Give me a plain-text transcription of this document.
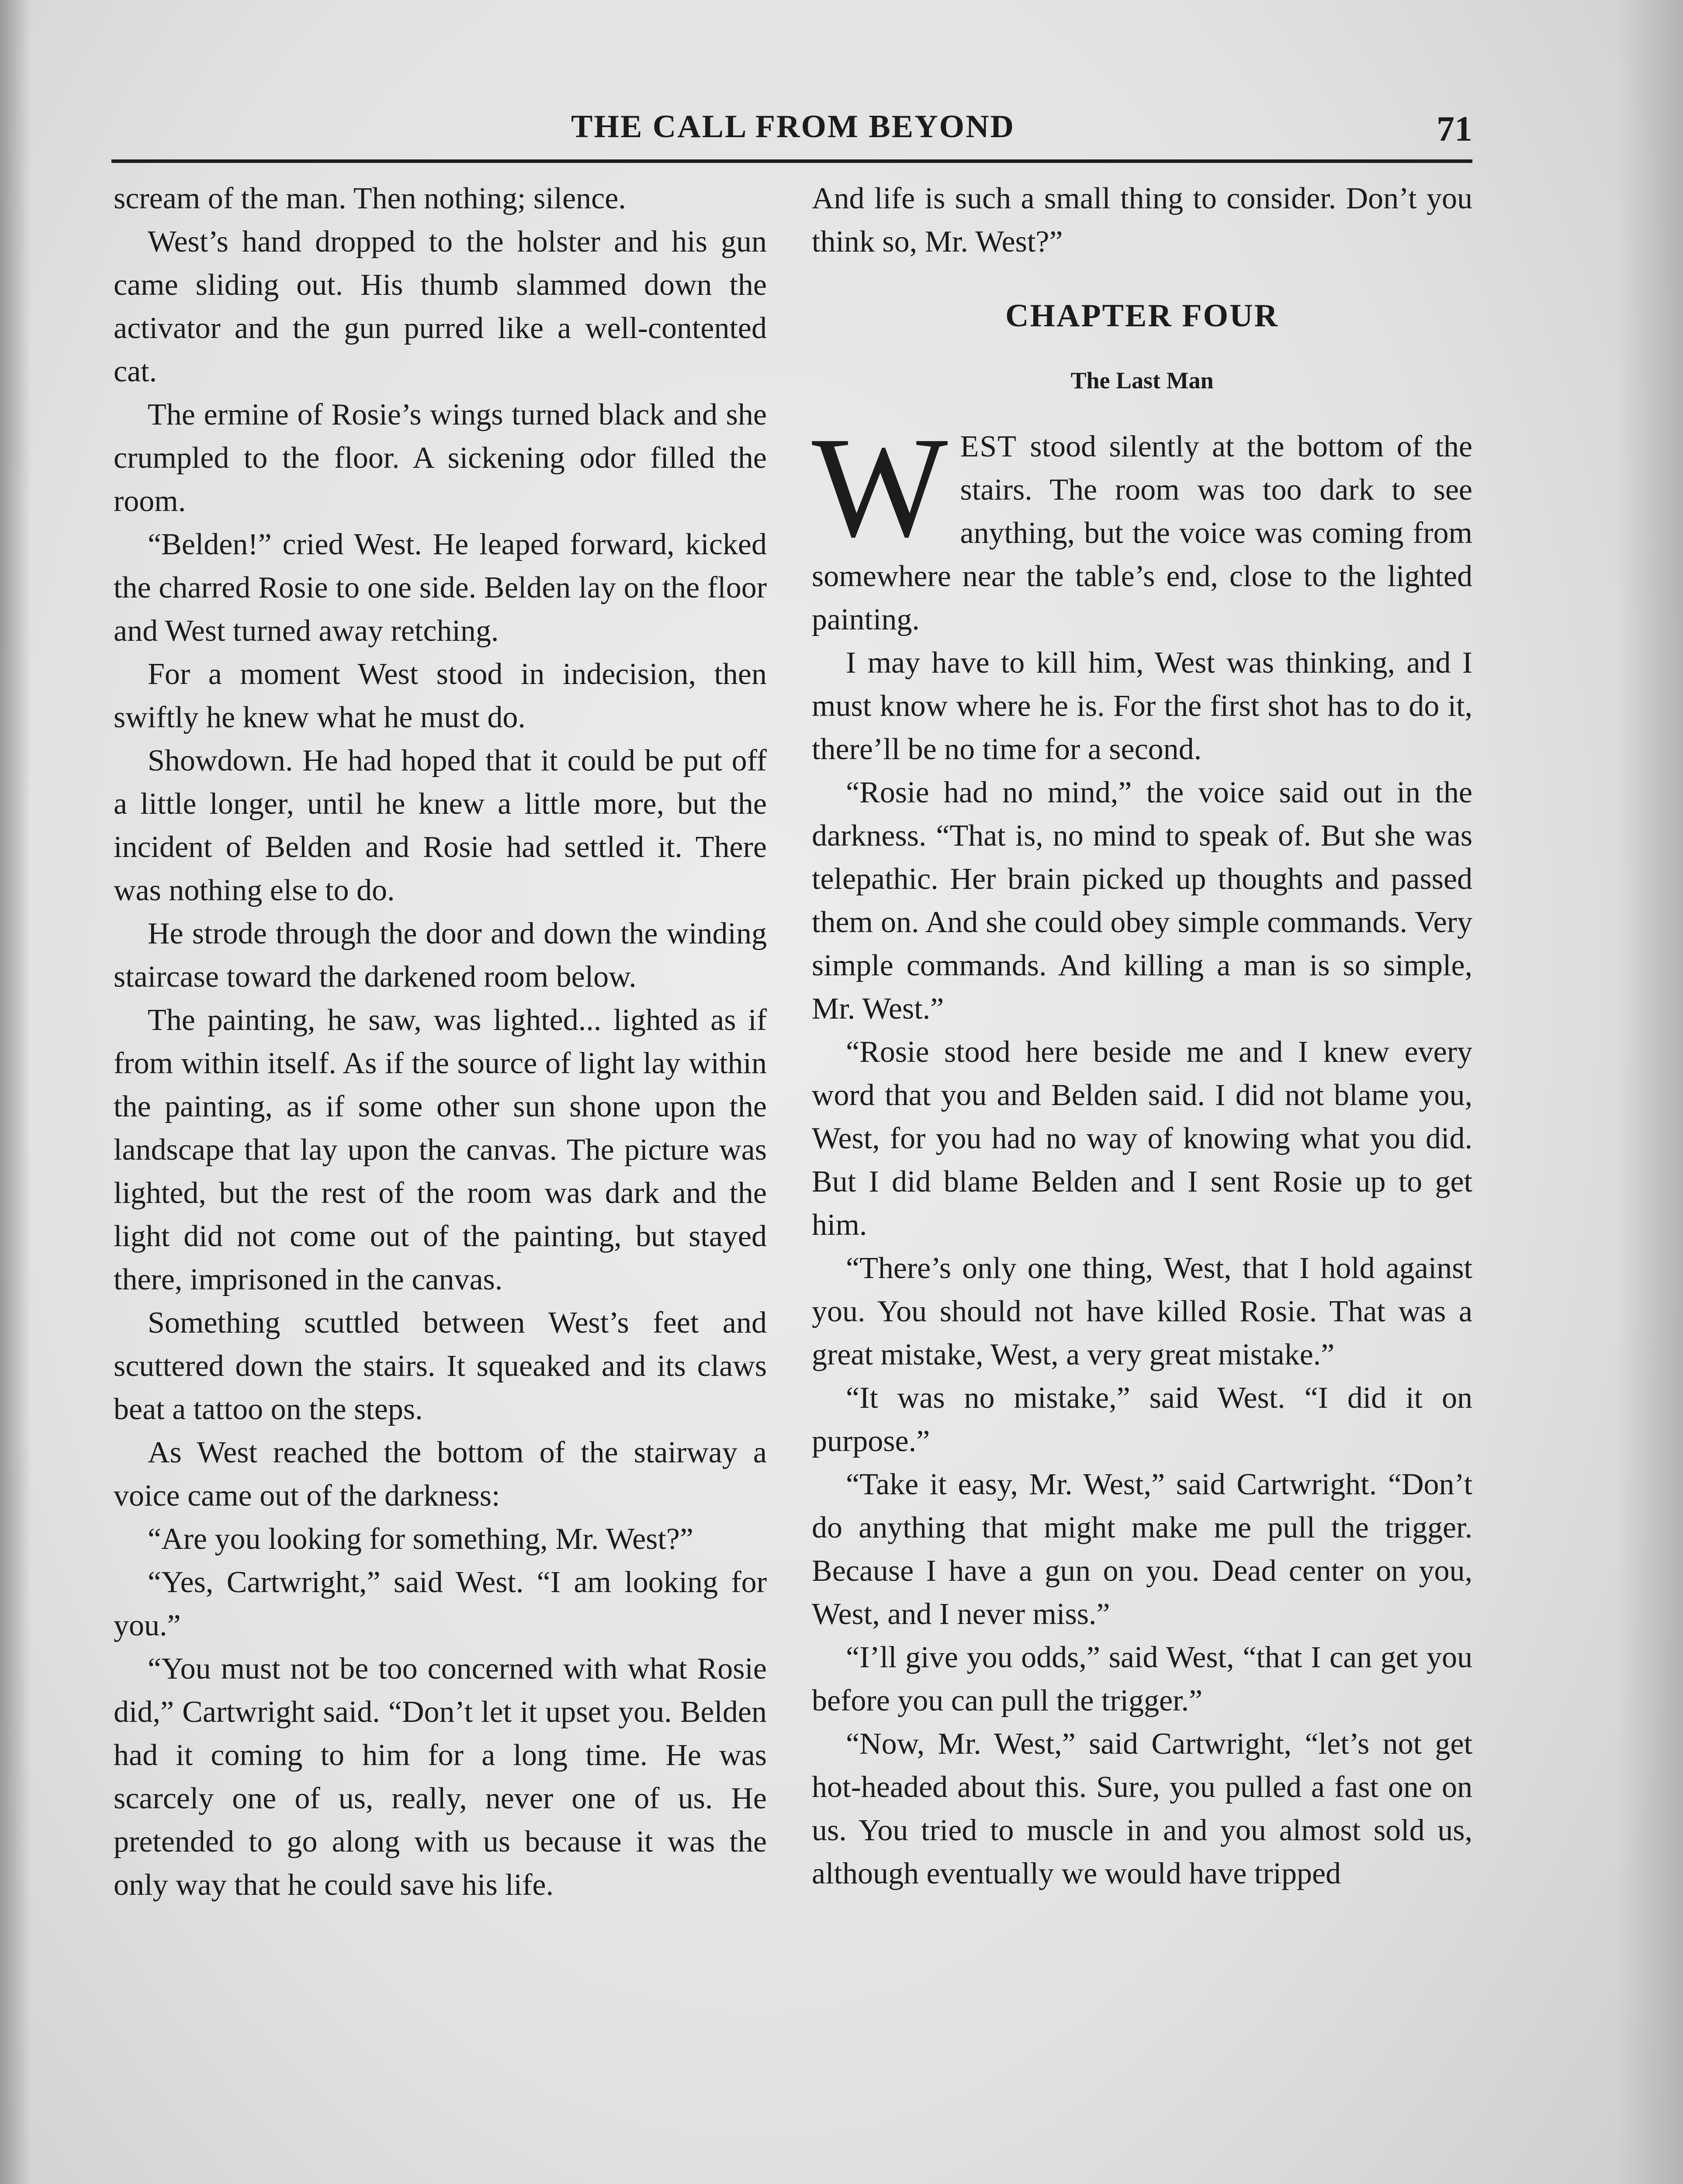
THE CALL FROM BEYOND	71

scream of the man. Then nothing; silence.

West’s hand dropped to the holster and his gun came sliding out. His thumb slammed down the activator and the gun purred like a well-contented cat.

The ermine of Rosie’s wings turned black and she crumpled to the floor. A sickening odor filled the room.

“Belden!” cried West. He leaped forward, kicked the charred Rosie to one side. Belden lay on the floor and West turned away retching.

For a moment West stood in indecision, then swiftly he knew what he must do.

Showdown. He had hoped that it could be put off a little longer, until he knew a little more, but the incident of Belden and Rosie had settled it. There was nothing else to do.

He strode through the door and down the winding staircase toward the darkened room below.

The painting, he saw, was lighted... lighted as if from within itself. As if the source of light lay within the painting, as if some other sun shone upon the landscape that lay upon the canvas. The picture was lighted, but the rest of the room was dark and the light did not come out of the painting, but stayed there, imprisoned in the canvas.

Something scuttled between West’s feet and scuttered down the stairs. It squeaked and its claws beat a tattoo on the steps.

As West reached the bottom of the stairway a voice came out of the darkness:

“Are you looking for something, Mr. West?”

“Yes, Cartwright,” said West. “I am looking for you.”

“You must not be too concerned with what Rosie did,” Cartwright said. “Don’t let it upset you. Belden had it coming to him for a long time. He was scarcely one of us, really, never one of us. He pretended to go along with us because it was the only way that he could save his life.

And life is such a small thing to consider. Don’t you think so, Mr. West?”

CHAPTER FOUR
The Last Man

WEST stood silently at the bottom of the stairs. The room was too dark to see anything, but the voice was coming from somewhere near the table’s end, close to the lighted painting.

I may have to kill him, West was thinking, and I must know where he is. For the first shot has to do it, there’ll be no time for a second.

“Rosie had no mind,” the voice said out in the darkness. “That is, no mind to speak of. But she was telepathic. Her brain picked up thoughts and passed them on. And she could obey simple commands. Very simple commands. And killing a man is so simple, Mr. West.”

“Rosie stood here beside me and I knew every word that you and Belden said. I did not blame you, West, for you had no way of knowing what you did. But I did blame Belden and I sent Rosie up to get him.

“There’s only one thing, West, that I hold against you. You should not have killed Rosie. That was a great mistake, West, a very great mistake.”

“It was no mistake,” said West. “I did it on purpose.”

“Take it easy, Mr. West,” said Cartwright. “Don’t do anything that might make me pull the trigger. Because I have a gun on you. Dead center on you, West, and I never miss.”

“I’ll give you odds,” said West, “that I can get you before you can pull the trigger.”

“Now, Mr. West,” said Cartwright, “let’s not get hot-headed about this. Sure, you pulled a fast one on us. You tried to muscle in and you almost sold us, although eventually we would have tripped
